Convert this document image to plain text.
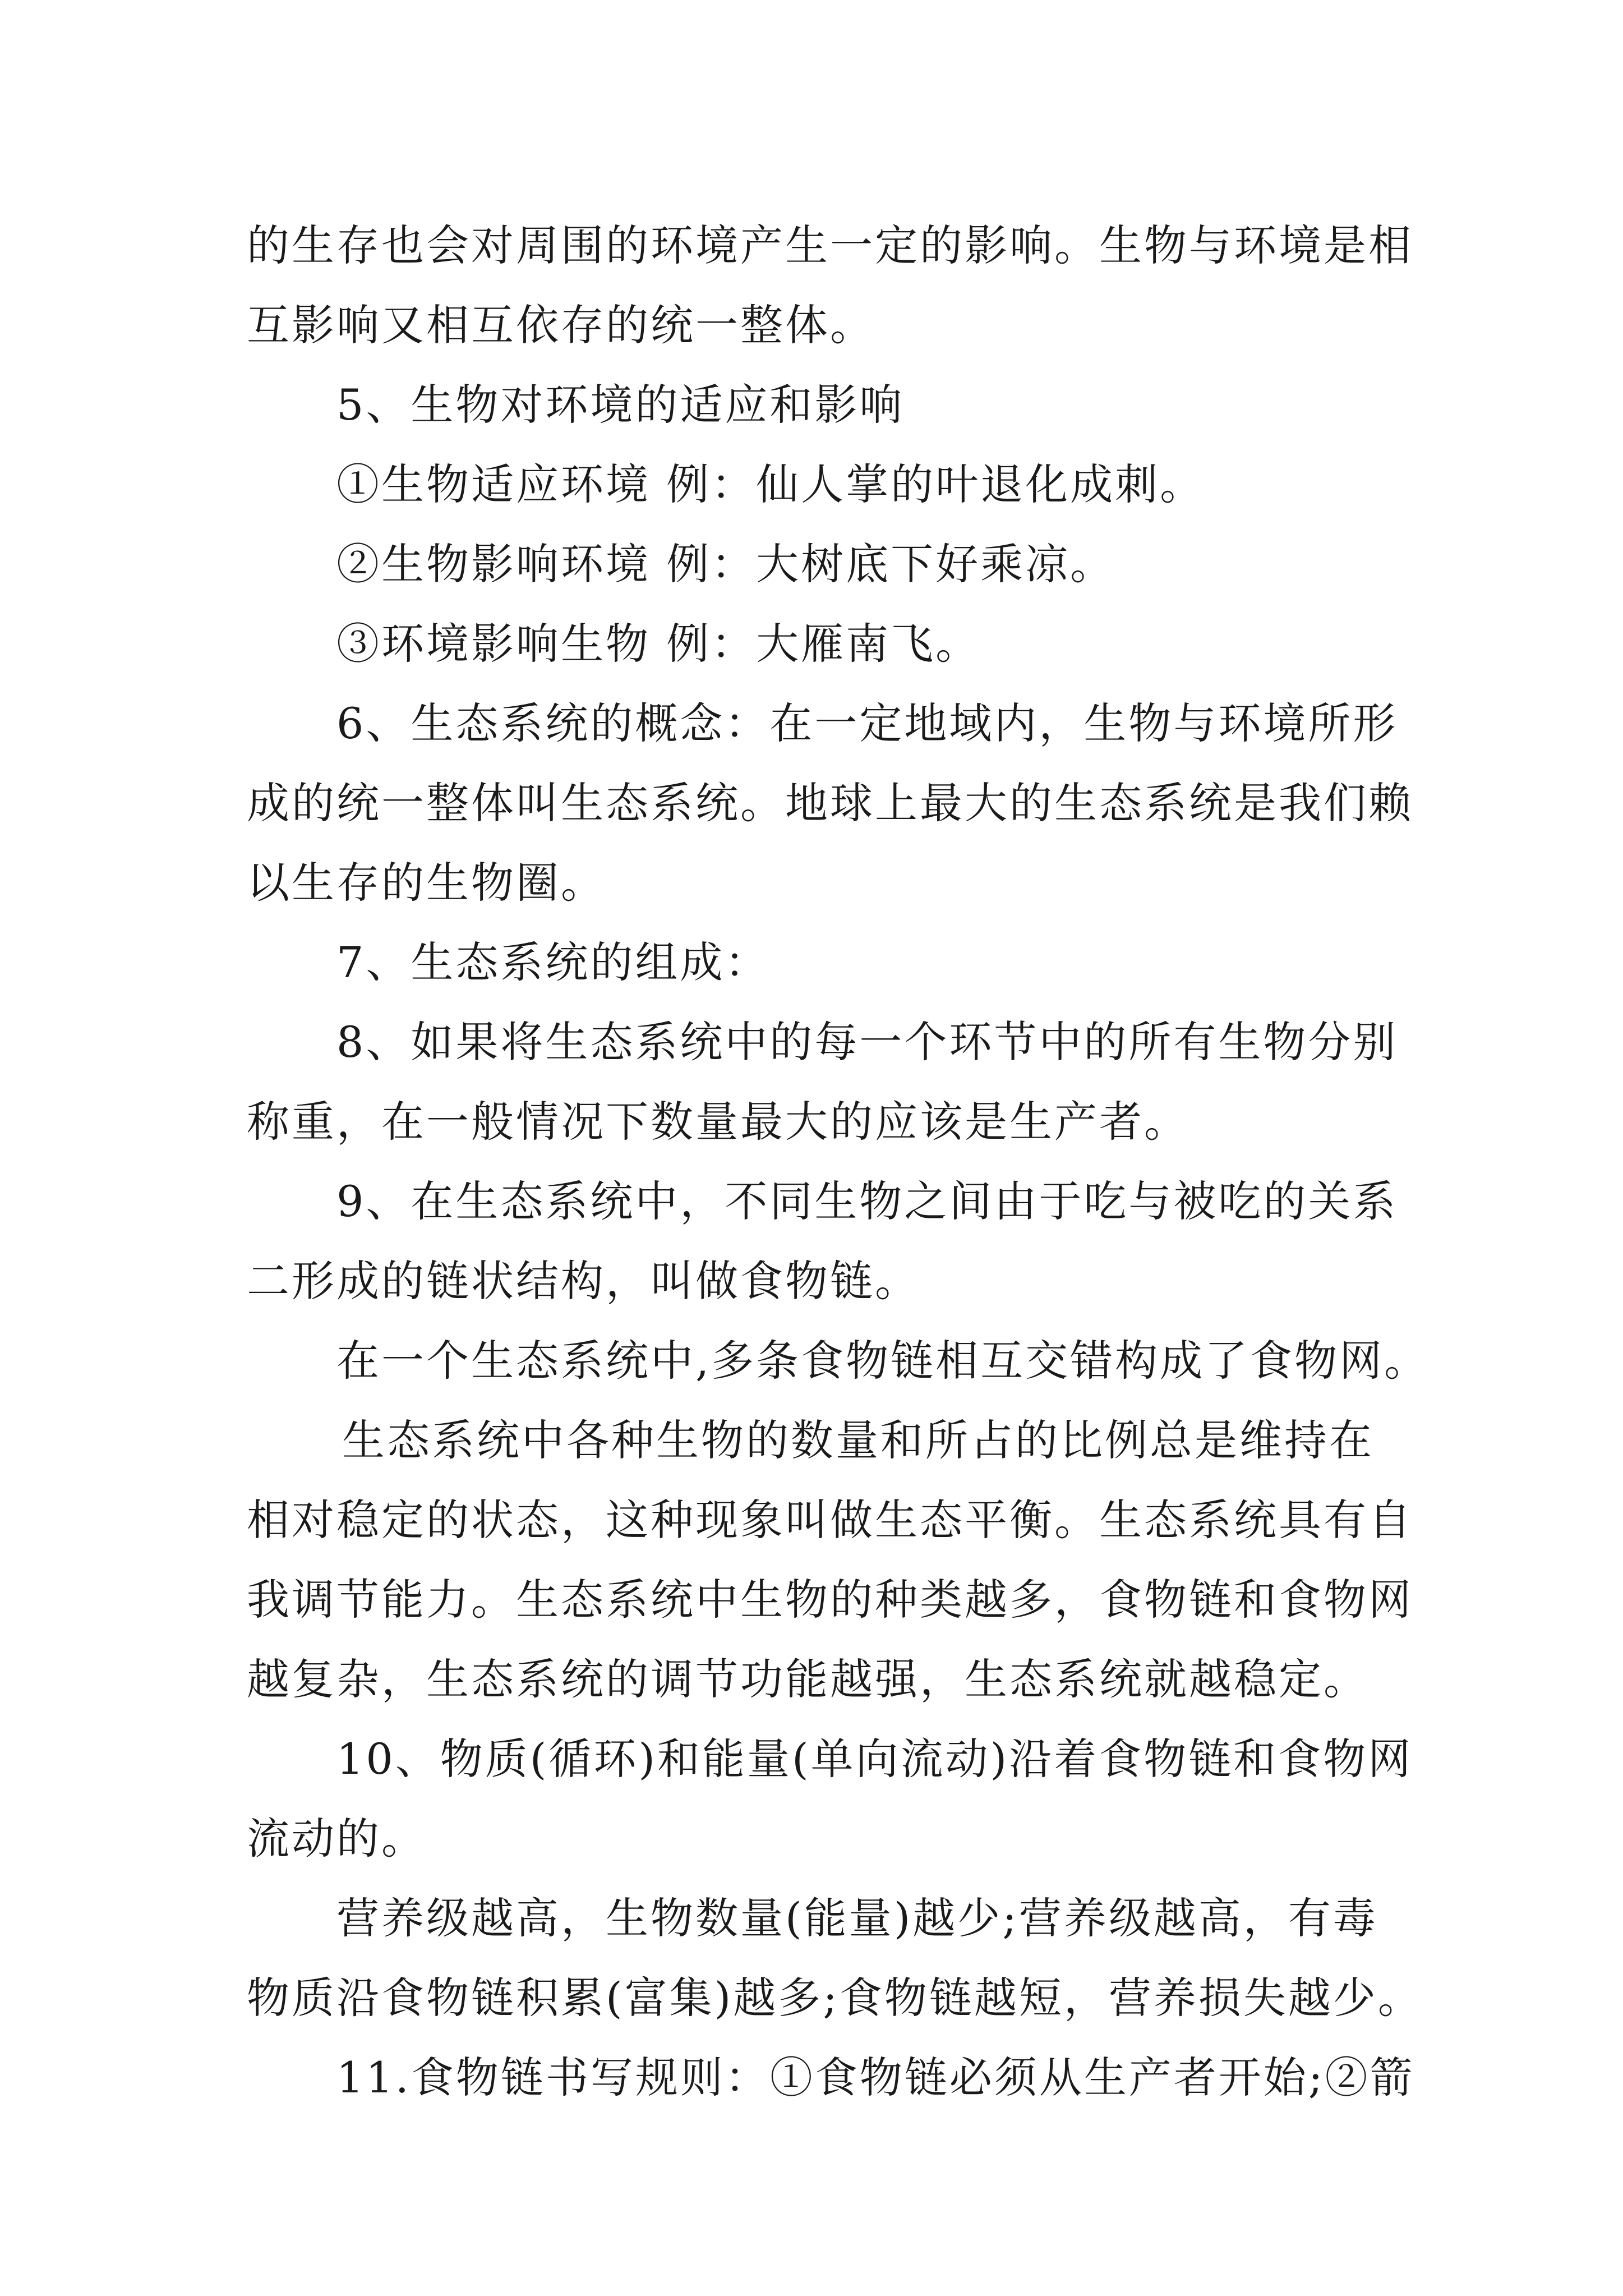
的生存也会对周围的环境产生一定的影响。生物与环境是相
互影响又相互依存的统一整体。
5、生物对环境的适应和影响
①生物适应环境 例：仙人掌的叶退化成刺。
②生物影响环境 例：大树底下好乘凉。
③环境影响生物 例：大雁南飞。
6、生态系统的概念：在一定地域内，生物与环境所形
成的统一整体叫生态系统。地球上最大的生态系统是我们赖
以生存的生物圈。
7、生态系统的组成：
8、如果将生态系统中的每一个环节中的所有生物分别
称重，在一般情况下数量最大的应该是生产者。
9、在生态系统中，不同生物之间由于吃与被吃的关系
二形成的链状结构，叫做食物链。
在一个生态系统中,多条食物链相互交错构成了食物网。
生态系统中各种生物的数量和所占的比例总是维持在
相对稳定的状态，这种现象叫做生态平衡。生态系统具有自
我调节能力。生态系统中生物的种类越多，食物链和食物网
越复杂，生态系统的调节功能越强，生态系统就越稳定。
10、物质(循环)和能量(单向流动)沿着食物链和食物网
流动的。
营养级越高，生物数量(能量)越少;营养级越高，有毒
物质沿食物链积累(富集)越多;食物链越短，营养损失越少。
11.食物链书写规则：①食物链必须从生产者开始;②箭
